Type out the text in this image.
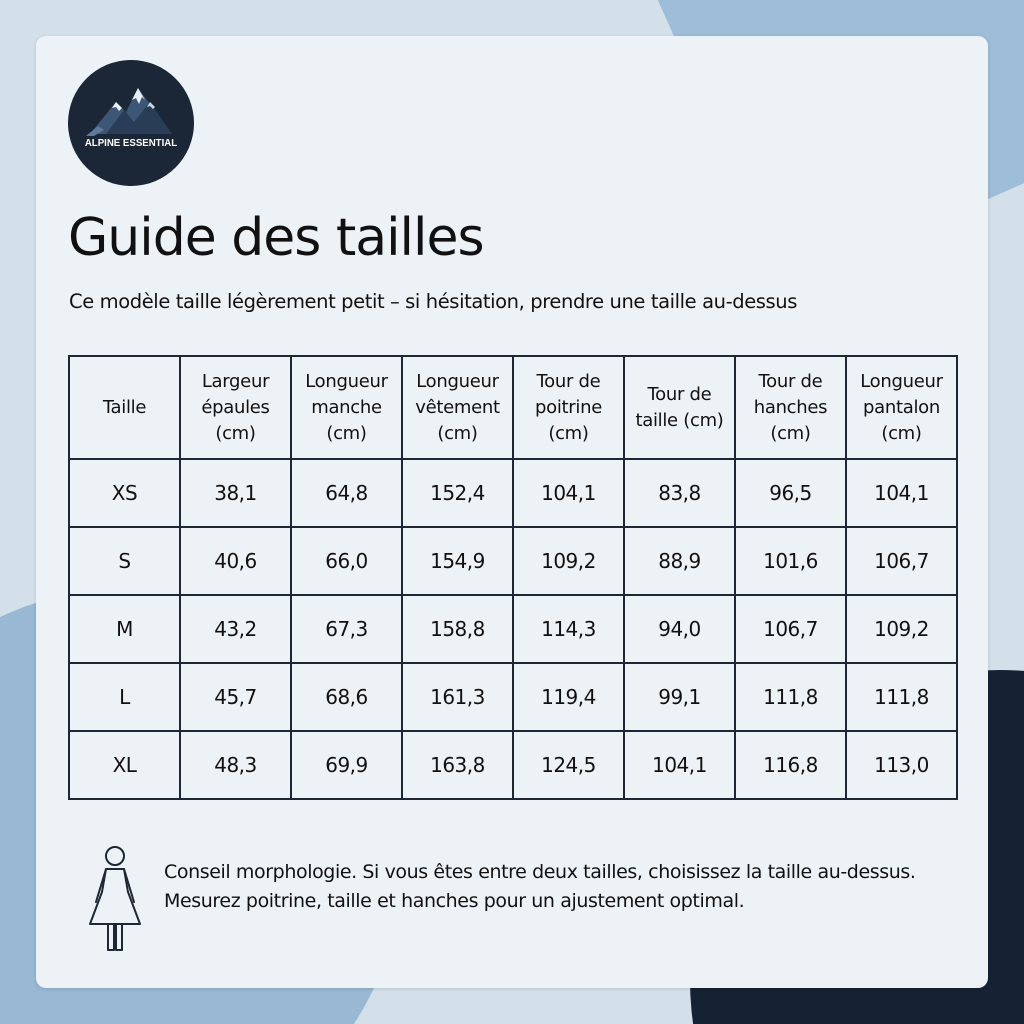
ALPINE ESSENTIAL
Guide des tailles

Ce modèle taille légèrement petit – si hésitation, prendre une taille au-dessus

Taille	Largeur épaules (cm)	Longueur manche (cm)	Longueur vêtement (cm)	Tour de poitrine (cm)	Tour de taille (cm)	Tour de hanches (cm)	Longueur pantalon (cm)
XS	38,1	64,8	152,4	104,1	83,8	96,5	104,1
S	40,6	66,0	154,9	109,2	88,9	101,6	106,7
M	43,2	67,3	158,8	114,3	94,0	106,7	109,2
L	45,7	68,6	161,3	119,4	99,1	111,8	111,8
XL	48,3	69,9	163,8	124,5	104,1	116,8	113,0

Conseil morphologie. Si vous êtes entre deux tailles, choisissez la taille au-dessus. Mesurez poitrine, taille et hanches pour un ajustement optimal.
